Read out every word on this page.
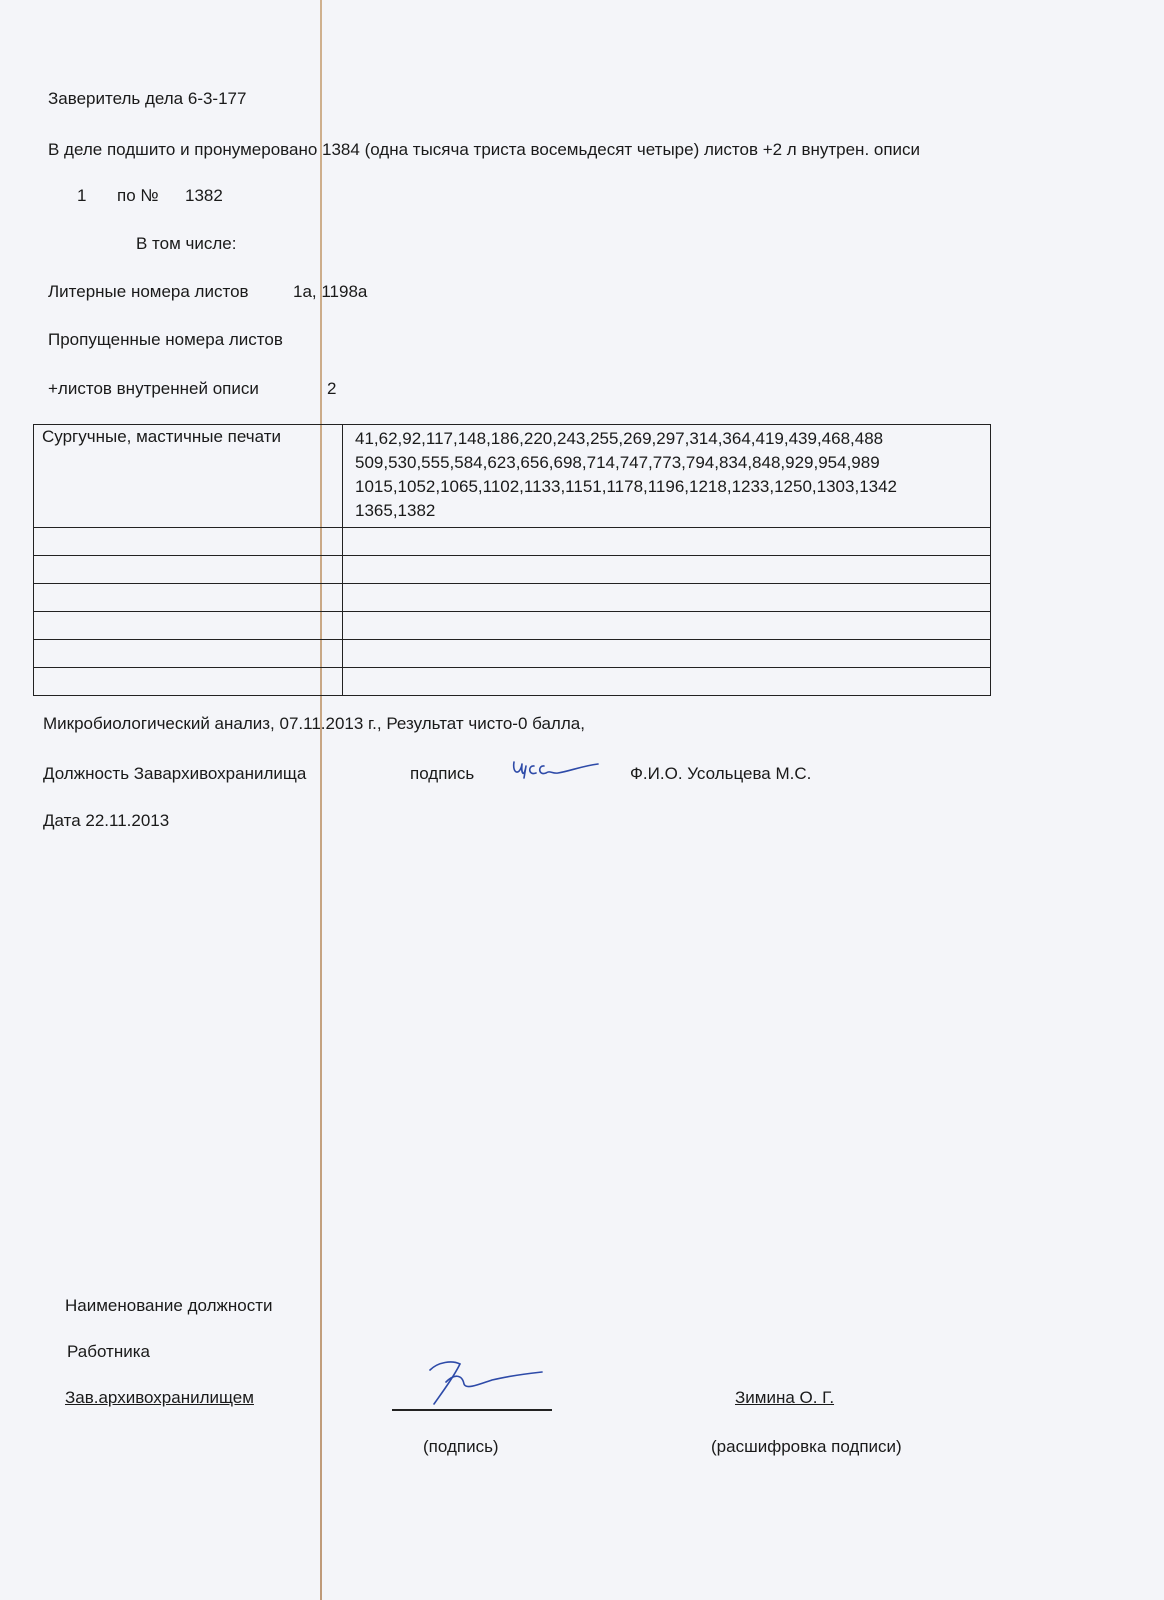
Заверитель дела 6-3-177
В деле подшито и пронумеровано 1384 (одна тысяча триста восемьдесят четыре) листов +2 л внутрен. описи
1 по № 1382
В том числе:
Литерные номера листов	1а, 1198а
Пропущенные номера листов
+листов внутренней описи	2
Сургучные, мастичные печати	41,62,92,117,148,186,220,243,255,269,297,314,364,419,439,468,488
509,530,555,584,623,656,698,714,747,773,794,834,848,929,954,989
1015,1052,1065,1102,1133,1151,1178,1196,1218,1233,1250,1303,1342
1365,1382

Микробиологический анализ, 07.11.2013 г., Результат чисто-0 балла,
Должность Завархивохранилища	подпись	Ф.И.О. Усольцева М.С.
Дата 22.11.2013
Наименование должности
Работника
Зав.архивохранилищем	Зимина О. Г.
(подпись)	(расшифровка подписи)
